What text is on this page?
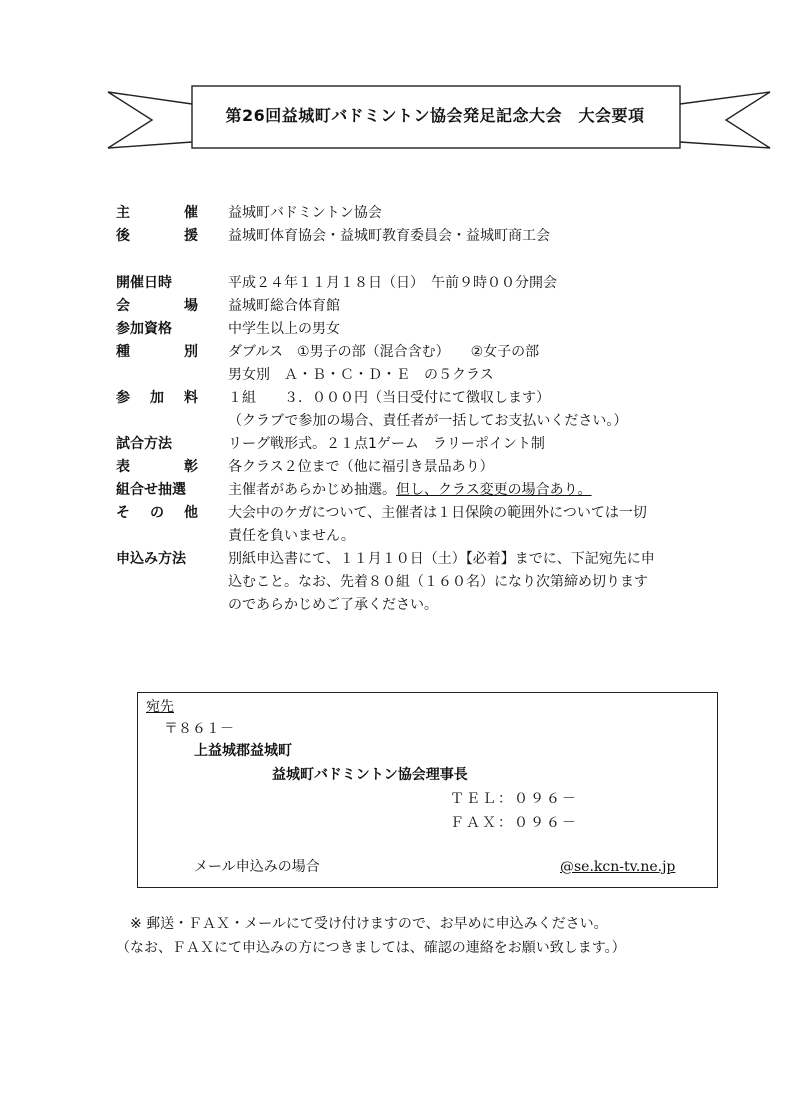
第26回益城町バドミントン協会発足記念大会　大会要項
主	催 益城町バドミントン協会
後	援 益城町体育協会・益城町教育委員会・益城町商工会
開催日時	平成２４年１１月１８日（日）　午前９時００分開会
会	場 益城町総合体育館
参加資格	中学生以上の男女
種	別 ダブルス　①男子の部（混合含む）　　②女子の部
男女別　Ａ・Ｂ・Ｃ・Ｄ・Ｅ　の５クラス
参 加 料 １組　　３．０００円（当日受付にて徴収します）
（クラブで参加の場合、責任者が一括してお支払いください。）
試合方法	リーグ戦形式。２１点1ゲーム　ラリーポイント制
表	彰 各クラス２位まで（他に福引き景品あり）
組合せ抽選	主催者があらかじめ抽選。但し、クラス変更の場合あり。
そ の 他 大会中のケガについて、主催者は１日保険の範囲外については一切
責任を負いません。
申込み方法	別紙申込書にて、１１月１０日（土）【必着】までに、下記宛先に申
込むこと。なお、先着８０組（１６０名）になり次第締め切ります
のであらかじめご了承ください。
宛先
〒８６１－
上益城郡益城町
益城町バドミントン協会理事長
ＴＥＬ：０９６－
ＦＡＸ：０９６－
メール申込みの場合	@se.kcn-tv.ne.jp
※ 郵送・ＦＡＸ・メールにて受け付けますので、お早めに申込みください。
（なお、ＦＡＸにて申込みの方につきましては、確認の連絡をお願い致します。）
